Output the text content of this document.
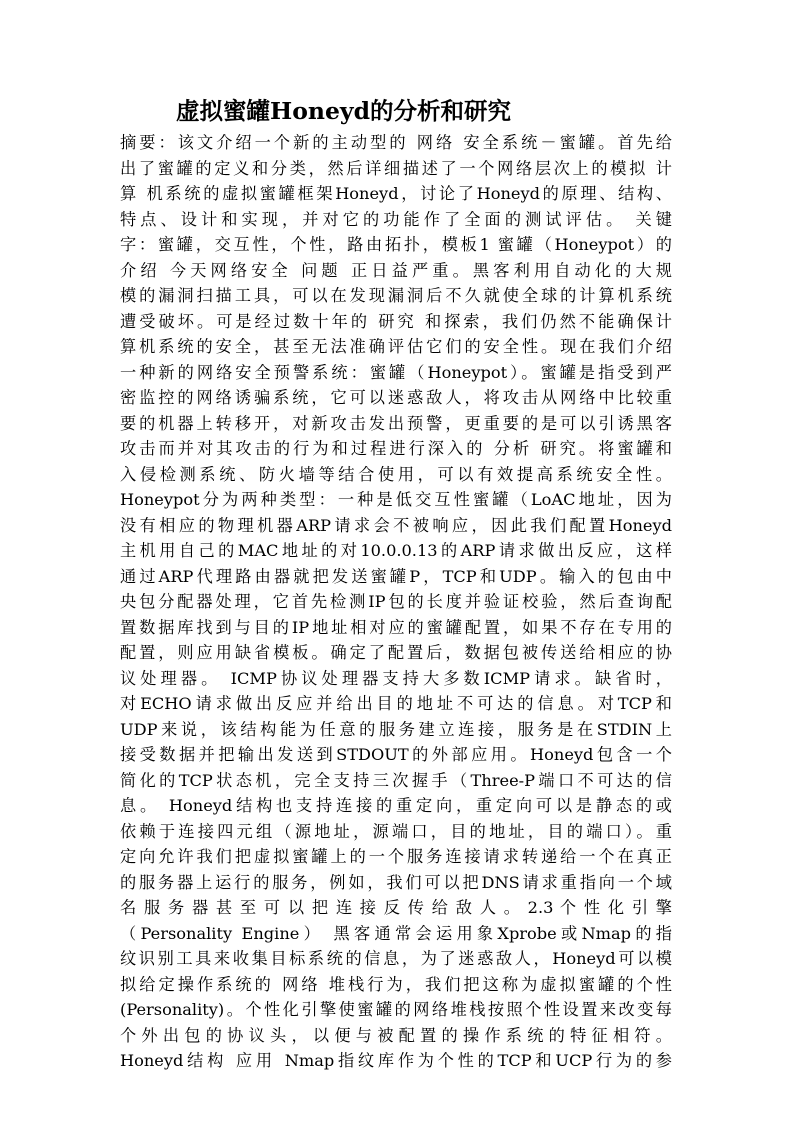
虚拟蜜罐Honeyd的分析和研究
摘要：该文介绍一个新的主动型的 网络 安全系统－蜜罐。首先给
出了蜜罐的定义和分类，然后详细描述了一个网络层次上的模拟 计
算 机系统的虚拟蜜罐框架Honeyd，讨论了Honeyd的原理、结构、
特点、设计和实现，并对它的功能作了全面的测试评估。 关键
字：蜜罐，交互性，个性，路由拓扑，模板1 蜜罐（Honeypot）的
介绍 今天网络安全 问题 正日益严重。黑客利用自动化的大规
模的漏洞扫描工具，可以在发现漏洞后不久就使全球的计算机系统
遭受破坏。可是经过数十年的 研究 和探索，我们仍然不能确保计
算机系统的安全，甚至无法准确评估它们的安全性。现在我们介绍
一种新的网络安全预警系统：蜜罐（Honeypot）。蜜罐是指受到严
密监控的网络诱骗系统，它可以迷惑敌人，将攻击从网络中比较重
要的机器上转移开，对新攻击发出预警，更重要的是可以引诱黑客
攻击而并对其攻击的行为和过程进行深入的 分析 研究。将蜜罐和
入侵检测系统、防火墙等结合使用，可以有效提高系统安全性。
Honeypot分为两种类型：一种是低交互性蜜罐（LoAC地址，因为
没有相应的物理机器ARP请求会不被响应，因此我们配置Honeyd
主机用自己的MAC地址的对10.0.0.13的ARP请求做出反应，这样
通过ARP代理路由器就把发送蜜罐P，TCP和UDP。输入的包由中
央包分配器处理，它首先检测IP包的长度并验证校验，然后查询配
置数据库找到与目的IP地址相对应的蜜罐配置，如果不存在专用的
配置，则应用缺省模板。确定了配置后，数据包被传送给相应的协
议处理器。 ICMP协议处理器支持大多数ICMP请求。缺省时，
对ECHO请求做出反应并给出目的地址不可达的信息。对TCP和
UDP来说，该结构能为任意的服务建立连接，服务是在STDIN上
接受数据并把输出发送到STDOUT的外部应用。Honeyd包含一个
简化的TCP状态机，完全支持三次握手（Three-P端口不可达的信
息。 Honeyd结构也支持连接的重定向，重定向可以是静态的或
依赖于连接四元组（源地址，源端口，目的地址，目的端口）。重
定向允许我们把虚拟蜜罐上的一个服务连接请求转递给一个在真正
的服务器上运行的服务，例如，我们可以把DNS请求重指向一个域
名 服 务 器 甚 至 可 以 把 连 接 反 传 给 敌 人 。 2.3 个 性 化 引 擎
（Personality Engine） 黑客通常会运用象Xprobe或Nmap的指
纹识别工具来收集目标系统的信息，为了迷惑敌人，Honeyd可以模
拟给定操作系统的 网络 堆栈行为，我们把这称为虚拟蜜罐的个性
(Personality)。个性化引擎使蜜罐的网络堆栈按照个性设置来改变每
个外出包的协议头，以便与被配置的操作系统的特征相符。
Honeyd结构 应用 Nmap指纹库作为个性的TCP和UCP行为的参
